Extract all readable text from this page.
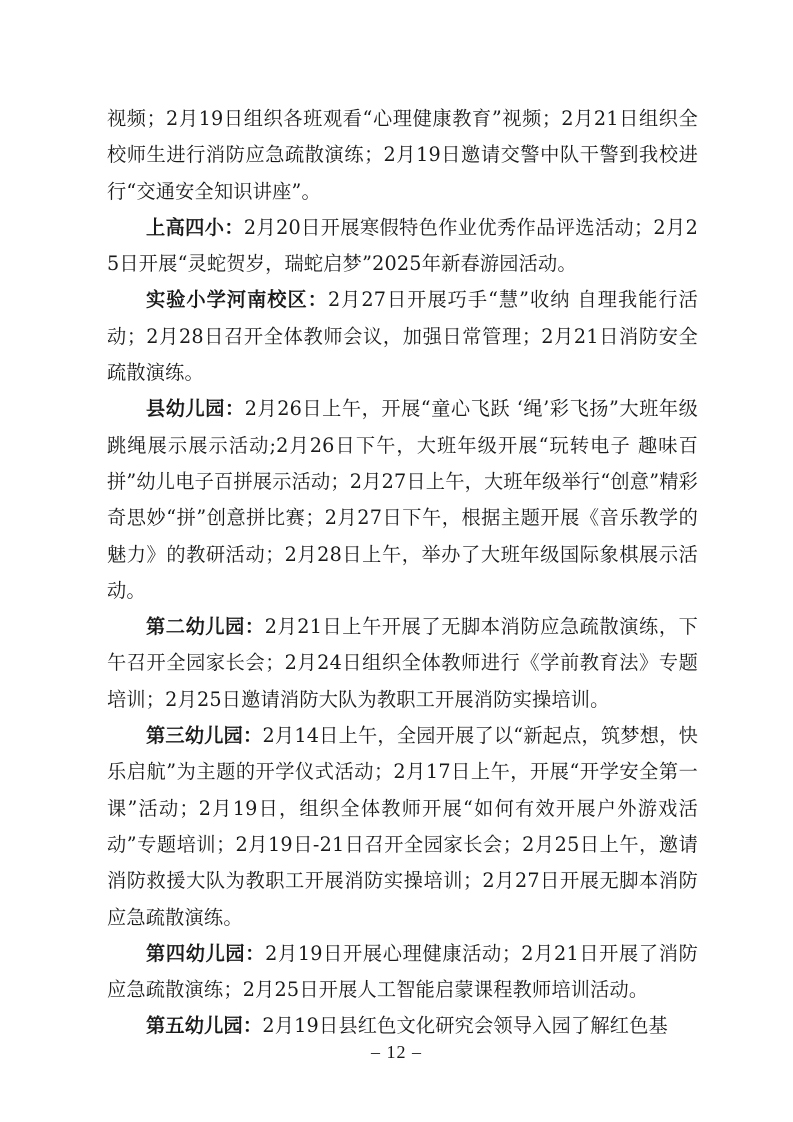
视频；2月19日组织各班观看“心理健康教育”视频；2月21日组织全校师生进行消防应急疏散演练；2月19日邀请交警中队干警到我校进行“交通安全知识讲座”。

上高四小：2月20日开展寒假特色作业优秀作品评选活动；2月25日开展“灵蛇贺岁，瑞蛇启梦”2025年新春游园活动。

实验小学河南校区：2月27日开展巧手“慧”收纳 自理我能行活动；2月28日召开全体教师会议，加强日常管理；2月21日消防安全疏散演练。

县幼儿园：2月26日上午，开展“童心飞跃 ‘绳’彩飞扬”大班年级跳绳展示展示活动;2月26日下午，大班年级开展“玩转电子 趣味百拼”幼儿电子百拼展示活动；2月27日上午，大班年级举行“创意”精彩 奇思妙“拼”创意拼比赛；2月27日下午，根据主题开展《音乐教学的魅力》的教研活动；2月28日上午，举办了大班年级国际象棋展示活动。

第二幼儿园：2月21日上午开展了无脚本消防应急疏散演练，下午召开全园家长会；2月24日组织全体教师进行《学前教育法》专题培训；2月25日邀请消防大队为教职工开展消防实操培训。

第三幼儿园：2月14日上午，全园开展了以“新起点，筑梦想，快乐启航”为主题的开学仪式活动；2月17日上午，开展“开学安全第一课”活动；2月19日，组织全体教师开展“如何有效开展户外游戏活动”专题培训；2月19日-21日召开全园家长会；2月25日上午，邀请消防救援大队为教职工开展消防实操培训；2月27日开展无脚本消防应急疏散演练。

第四幼儿园：2月19日开展心理健康活动；2月21日开展了消防应急疏散演练；2月25日开展人工智能启蒙课程教师培训活动。

第五幼儿园：2月19日县红色文化研究会领导入园了解红色基

– 12 –
